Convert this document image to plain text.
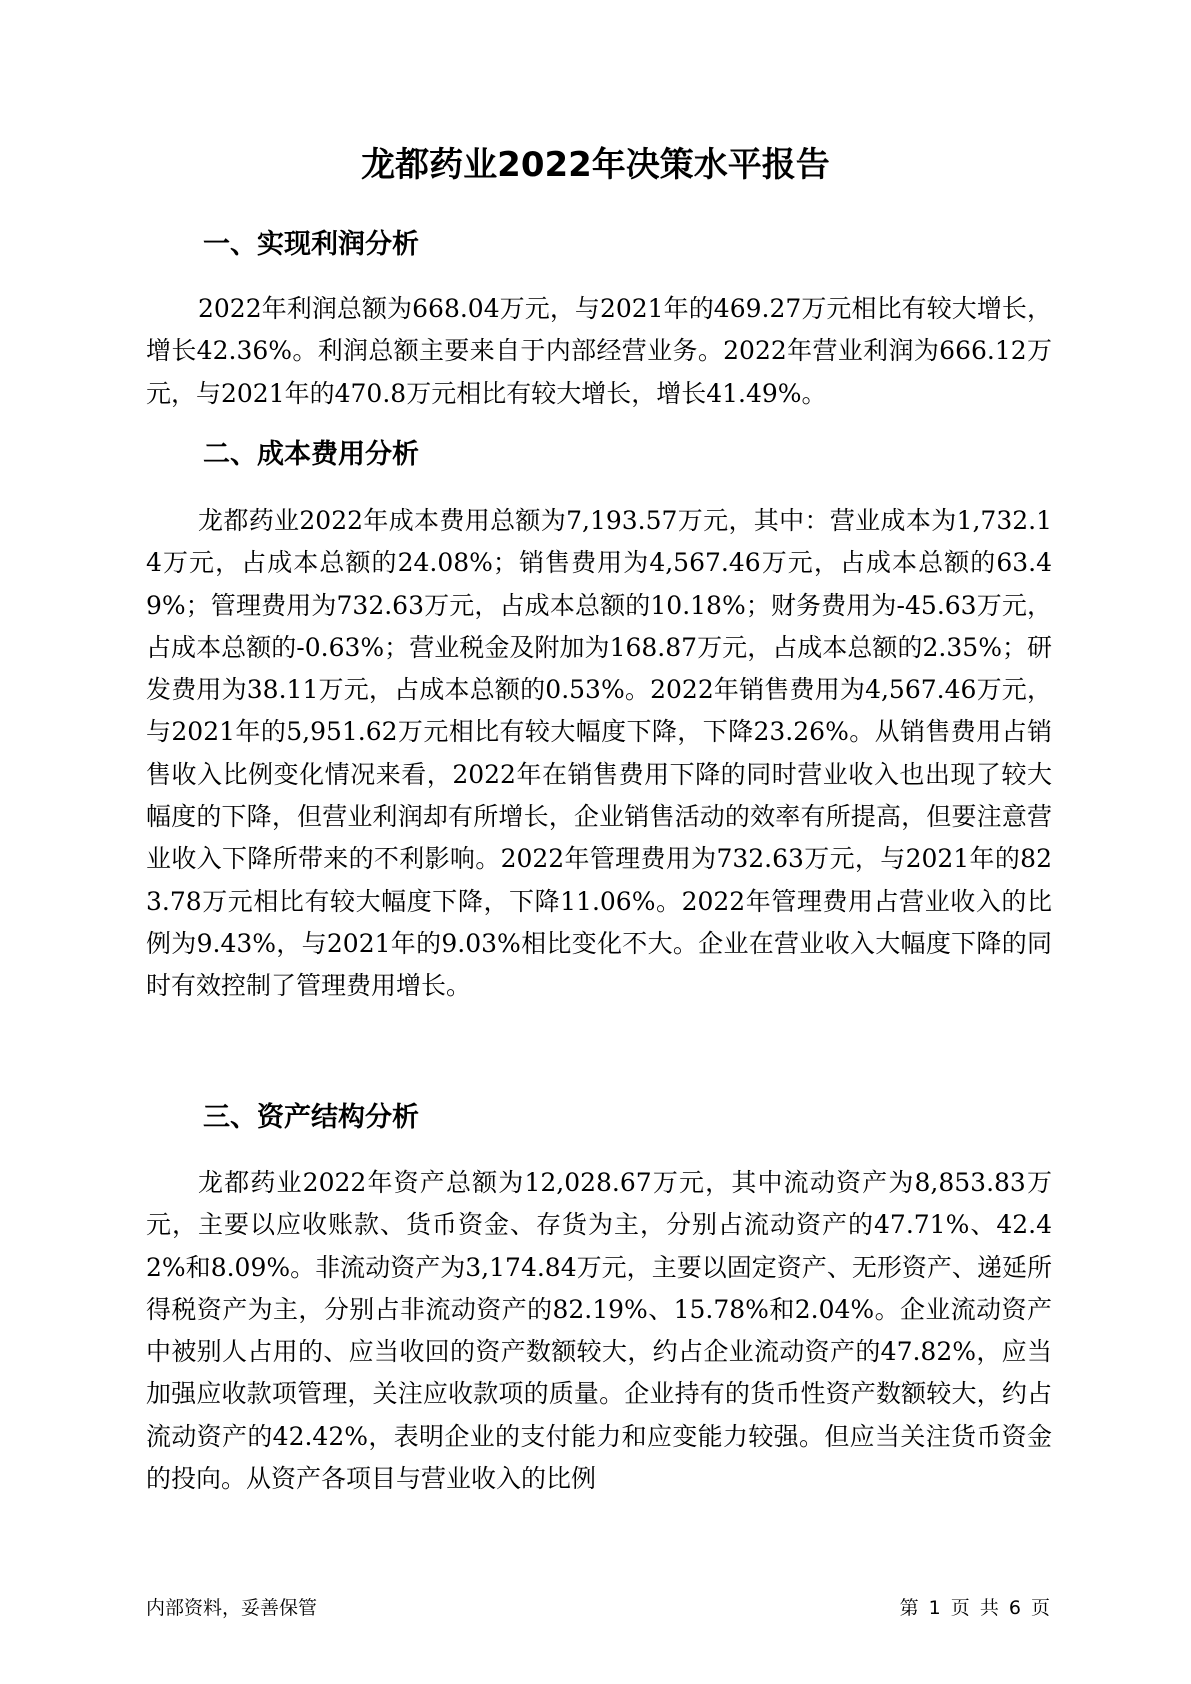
龙都药业2022年决策水平报告
一、实现利润分析

2022年利润总额为668.04万元，与2021年的469.27万元相比有较大增长，增长42.36%。利润总额主要来自于内部经营业务。2022年营业利润为666.12万元，与2021年的470.8万元相比有较大增长，增长41.49%。

二、成本费用分析

龙都药业2022年成本费用总额为7,193.57万元，其中：营业成本为1,732.14万元，占成本总额的24.08%；销售费用为4,567.46万元，占成本总额的63.49%；管理费用为732.63万元，占成本总额的10.18%；财务费用为-45.63万元，占成本总额的-0.63%；营业税金及附加为168.87万元，占成本总额的2.35%；研发费用为38.11万元，占成本总额的0.53%。2022年销售费用为4,567.46万元，与2021年的5,951.62万元相比有较大幅度下降，下降23.26%。从销售费用占销售收入比例变化情况来看，2022年在销售费用下降的同时营业收入也出现了较大幅度的下降，但营业利润却有所增长，企业销售活动的效率有所提高，但要注意营业收入下降所带来的不利影响。2022年管理费用为732.63万元，与2021年的823.78万元相比有较大幅度下降，下降11.06%。2022年管理费用占营业收入的比例为9.43%，与2021年的9.03%相比变化不大。企业在营业收入大幅度下降的同时有效控制了管理费用增长。

三、资产结构分析

龙都药业2022年资产总额为12,028.67万元，其中流动资产为8,853.83万元，主要以应收账款、货币资金、存货为主，分别占流动资产的47.71%、42.42%和8.09%。非流动资产为3,174.84万元，主要以固定资产、无形资产、递延所得税资产为主，分别占非流动资产的82.19%、15.78%和2.04%。企业流动资产中被别人占用的、应当收回的资产数额较大，约占企业流动资产的47.82%，应当加强应收款项管理，关注应收款项的质量。企业持有的货币性资产数额较大，约占流动资产的42.42%，表明企业的支付能力和应变能力较强。但应当关注货币资金的投向。从资产各项目与营业收入的比例

内部资料，妥善保管	第 1 页 共 6 页
